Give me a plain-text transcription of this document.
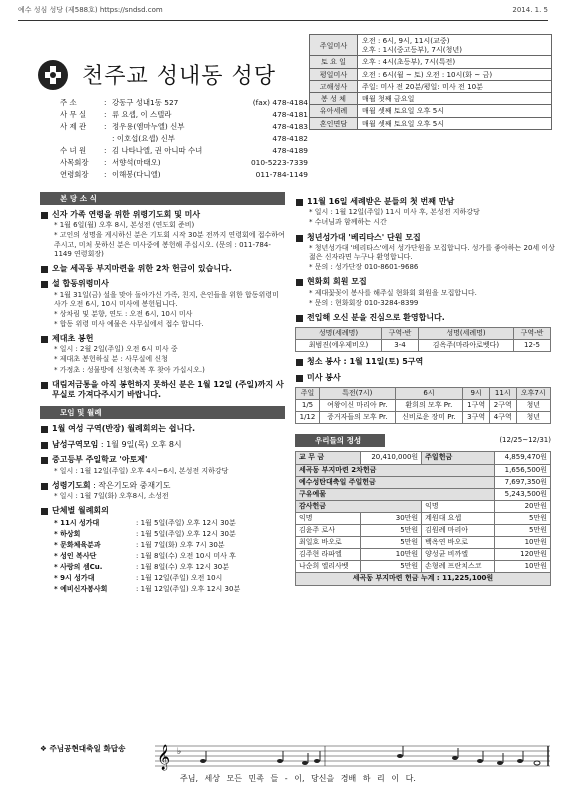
예수 성심 성당 (제588호) https://sndsd.com	2014. 1. 5
천주교 성내동 성당
주 소	: 강동구 성내1동 527	(fax) 478-4184
사 무 실	: 류 요셉, 이 스텔라	478-4181
사 제 관	: 정우용(엠마누엘) 신부	478-4183
: 이호섭(요셉) 신부	478-4182
수 녀 원	: 김 나타나엘, 권 아니따 수녀	478-4189
사목회장	: 서향석(마태오)	010-5223-7339
연령회장	: 이해봉(다니엘)	011-784-1149
주일미사	오전 : 6시, 9시, 11시(교중)
오후 : 1시(중고등부), 7시(청년)

토 요 일	오후 : 4시(초등부), 7시(특전)

평일미사	오전 : 6시(월 ~ 토) 오전 : 10시(화 ~ 금)

고해성사	주일: 미사 전 20분/평일: 미사 전 10분

봉 성 체	매월 첫째 금요일

유아세례	매월 셋째 토요일 오후 5시

혼인면담	매월 셋째 토요일 오후 5시
본 당 소 식
신자 가족 연령을 위한 위령기도회 및 미사
* 1월 6일(월) 오후 8시, 본성전 (연도회 준비)
* 고인의 성명을 게시하신 분은 기도회 시작 30분 전까지 연령회에 접수하여 주시고, 미처 못하신 분은 미사중에 봉헌해 주십시오. (문의 : 011-784-1149 연령회장)
오늘 세곡동 부지마련을 위한 2차 헌금이 있습니다.
설 합동위령미사
* 1월 31일(금) 설을 맞아 돌아가신 가족, 친지, 은인들을 위한 합동위령미사가 오전 6시, 10시 미사에 봉헌됩니다.
* 상차림 및 분향, 연도 : 오전 6시, 10시 미사
* 합동 위령 미사 예물은 사무실에서 접수 합니다.
제대초 봉헌
* 일시 : 2월 2일(주일) 오전 6시 미사 중
* 제대초 봉헌하실 분 : 사무실에 신청
* 가정초 : 성물방에 신청(축복 후 찾아 가십시오.)
대림저금통을 아직 봉헌하지 못하신 분은 1월 12일 (주일)까지 사무실로 가져다주시기 바랍니다.
모임 및 월례
1월 여성 구역(반장) 월례회의는 쉽니다.
남성구역모임 : 1월 9일(목) 오후 8시
중고등부 주일학교 '아토제'
* 일시 : 1월 12일(주일) 오후 4시~6시, 본성전 지하강당
성령기도회 : 작은기도와 중재기도
* 일시 : 1월 7일(화) 오후8시, 소성전
단체별 월례회의
* 11시 성가대	: 1월 5일(주일) 오후 12시 30분
* 하상회	: 1월 5일(주일) 오후 12시 30분
* 문화체육분과	: 1월 7일(화) 오후 7시 30분
* 성인 복사단	: 1월 8일(수) 오전 10시 미사 후
* 사랑의 셈Cu.	: 1월 8일(수) 오후 12시 30분
* 9시 성가대	: 1월 12일(주일) 오전 10시
* 예비신자봉사회	: 1월 12일(주일) 오후 12시 30분
11월 16일 세례받은 분들의 첫 번째 만남
* 일시 : 1월 12일(주일) 11시 미사 후, 본성전 지하강당
* 수녀님과 함께하는 시간
청년성가대 '베리타스' 단원 모집
* 청년성가대 '베리타스'에서 성가단원을 모집합니다. 성가를 좋아하는 20세 이상 젊은 신자라면 누구나 환영합니다.
* 문의 : 성가단장 010-8601-9686
현화회 회원 모집
* 제대꽃꽂이 봉사를 해주실 현화회 회원을 모집합니다.
* 문의 : 현화회장 010-3284-8399
전입해 오신 분을 진심으로 환영합니다.
성명(세례명)	구역-반	성명(세례명)	구역-반
최범진(에우제비오)	3-4	김옥주(마라아로벳다)	12-5
청소 봉사 : 1월 11일(토) 5구역
미사 봉사
주일	특전(7시)	6시	9시	11시	오후7시
1/5	여왕이신 마리아 Pr.	환희의 모후 Pr.	1구역	2구역	청년
1/12	증거자들의 모후 Pr.	신비로운 장미 Pr.	3구역	4구역	청년
우리들의 정성	(12/25~12/31)
교 무 금	20,410,000원	주일헌금	4,859,470원
세곡동 부지마련 2차헌금			1,656,500원
예수성탄대축일 주일헌금			7,697,350원
구유예물			5,243,500원
감사헌금		익명	20만원
익명	30만원	계원대 요셉	5만원
김윤주 로사	5만원	김원례 마리아	5만원
최일호 바오로	5만원	백옥연 바오로	10만원
김주현 라파엘	10만원	양성균 비까엘	120만원
나순희 엘리사벳	5만원	손형례 프란치스코	10만원
세곡동 부지마련 헌금 누계 : 11,225,100원			
❖ 주님공현대축일 화답송 𝄞 ♭
주님, 세상 모든 민족 들 - 이, 당신을 경배 하 리 이 다.
